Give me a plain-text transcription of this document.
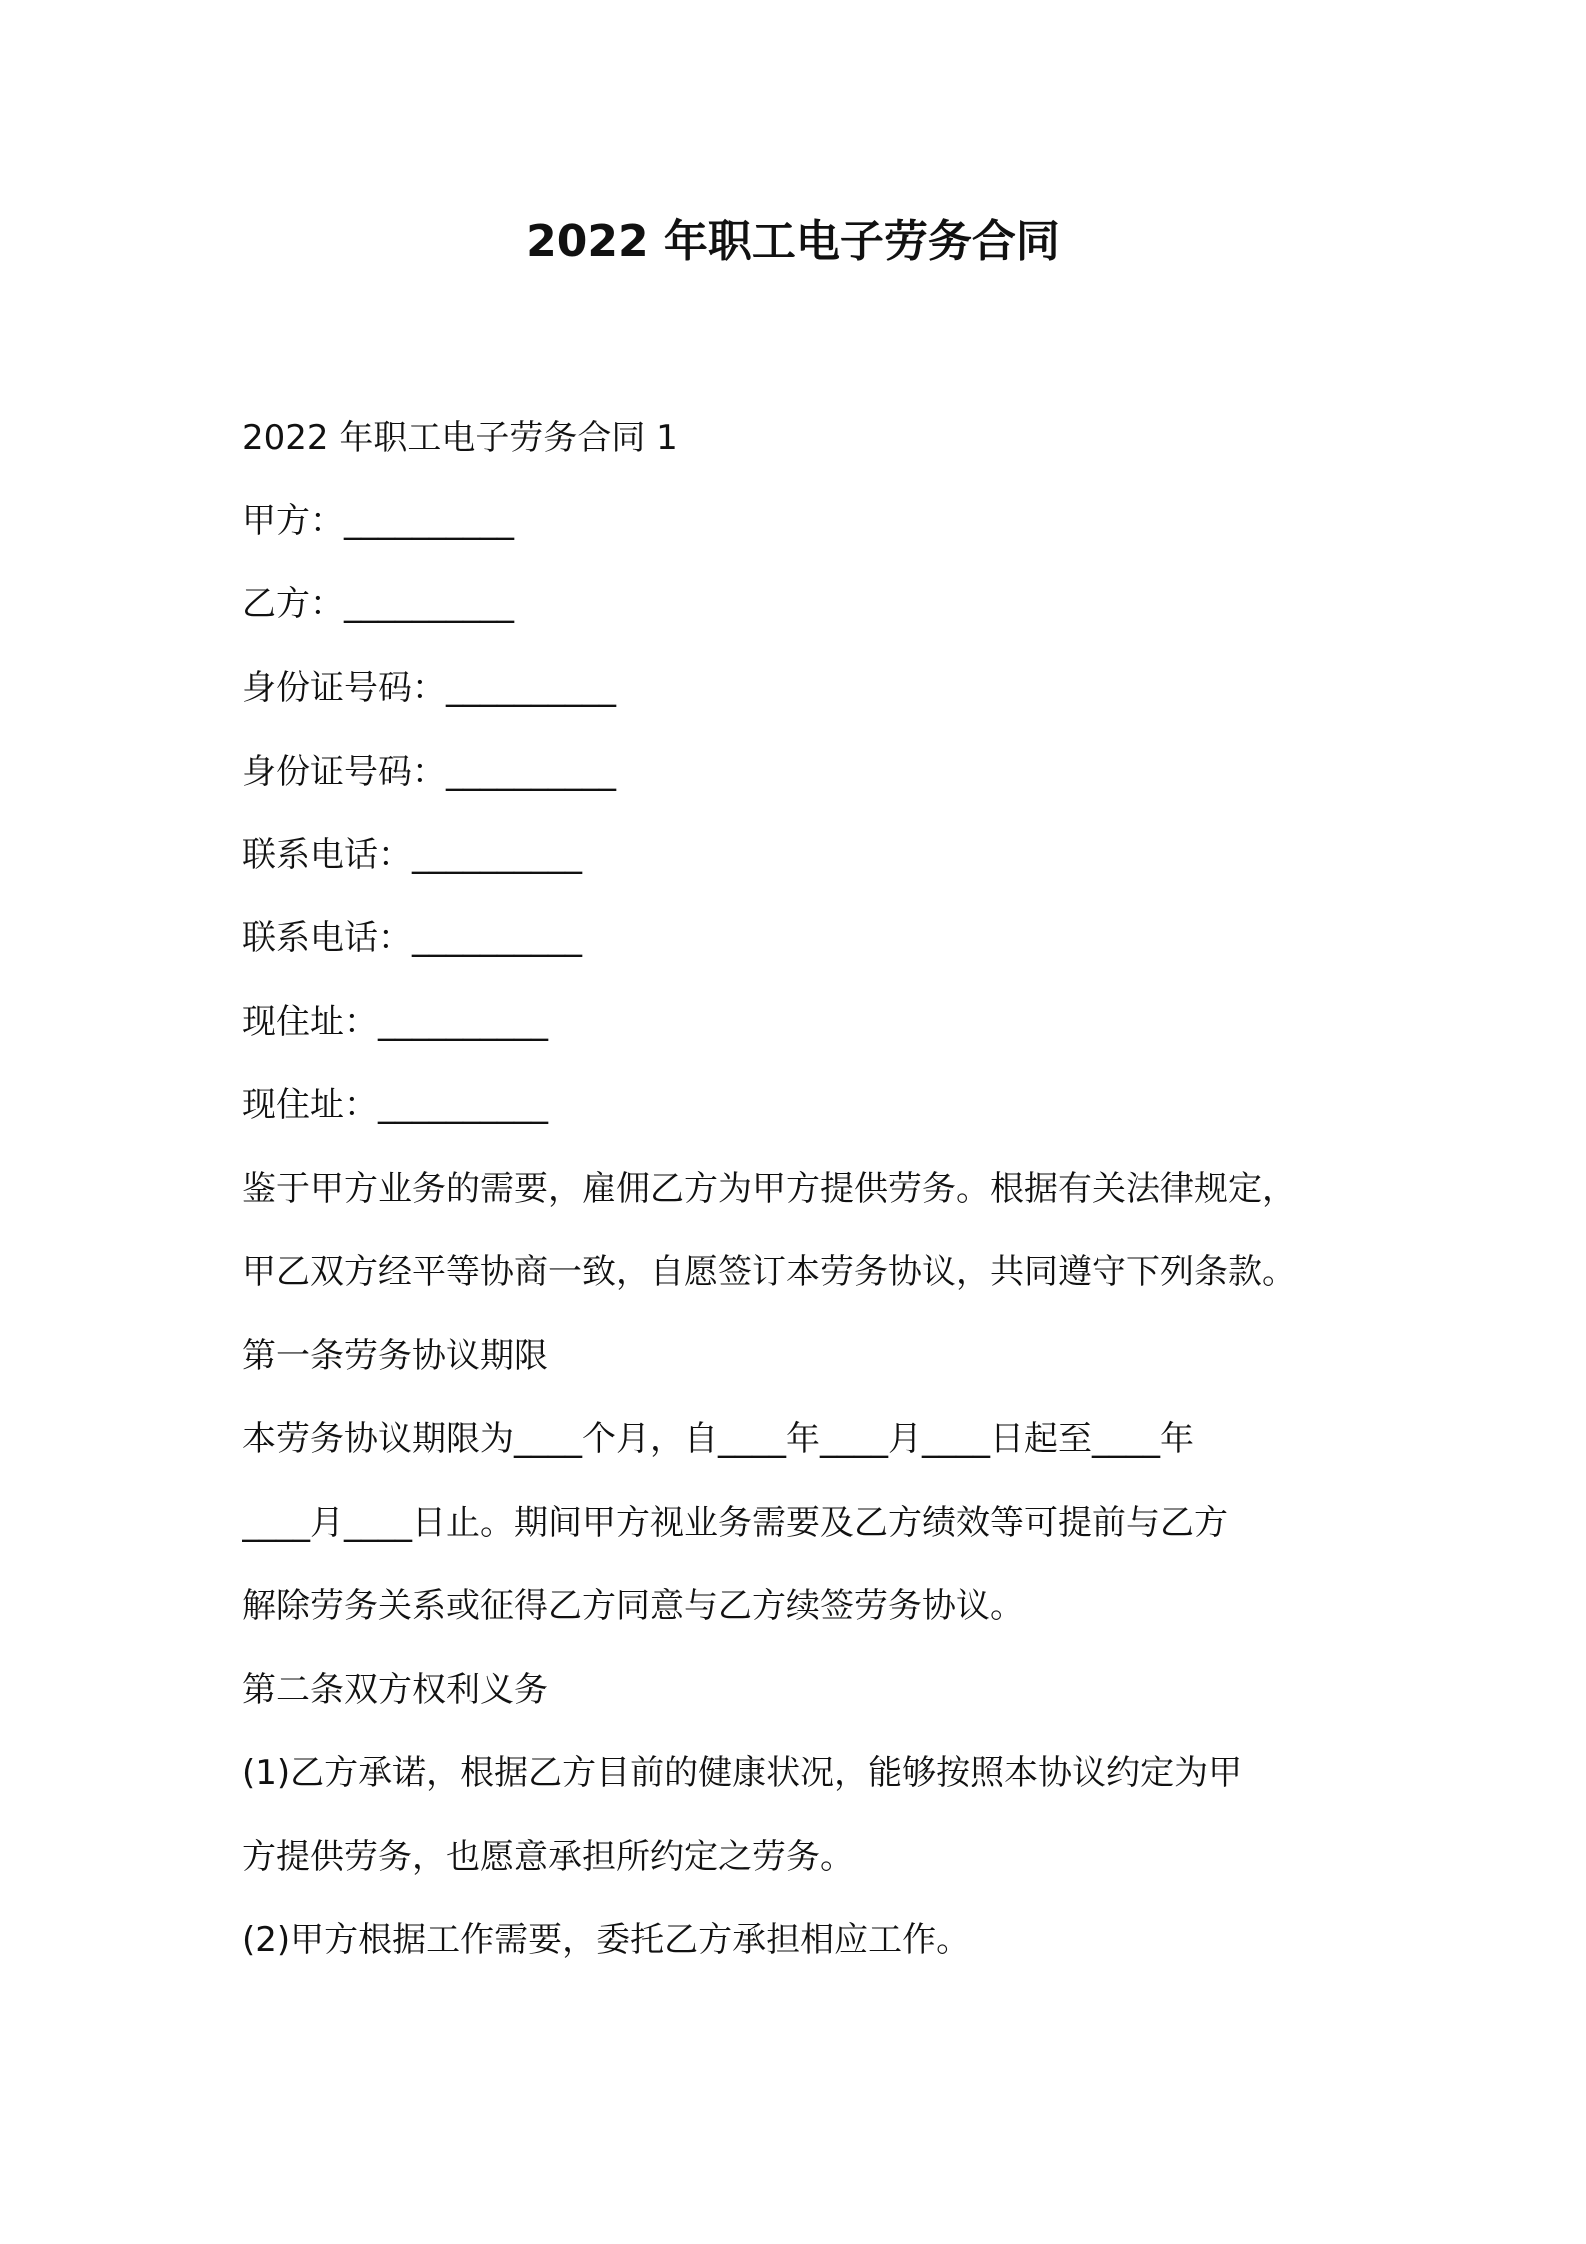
2022 年职工电子劳务合同

2022 年职工电子劳务合同 1

甲方：__________

乙方：__________

身份证号码：__________

身份证号码：__________

联系电话：__________

联系电话：__________

现住址：__________

现住址：__________

鉴于甲方业务的需要，雇佣乙方为甲方提供劳务。根据有关法律规定，

甲乙双方经平等协商一致，自愿签订本劳务协议，共同遵守下列条款。

第一条劳务协议期限

本劳务协议期限为____个月，自____年____月____日起至____年

____月____日止。期间甲方视业务需要及乙方绩效等可提前与乙方

解除劳务关系或征得乙方同意与乙方续签劳务协议。

第二条双方权利义务

(1)乙方承诺，根据乙方目前的健康状况，能够按照本协议约定为甲

方提供劳务，也愿意承担所约定之劳务。

(2)甲方根据工作需要，委托乙方承担相应工作。
